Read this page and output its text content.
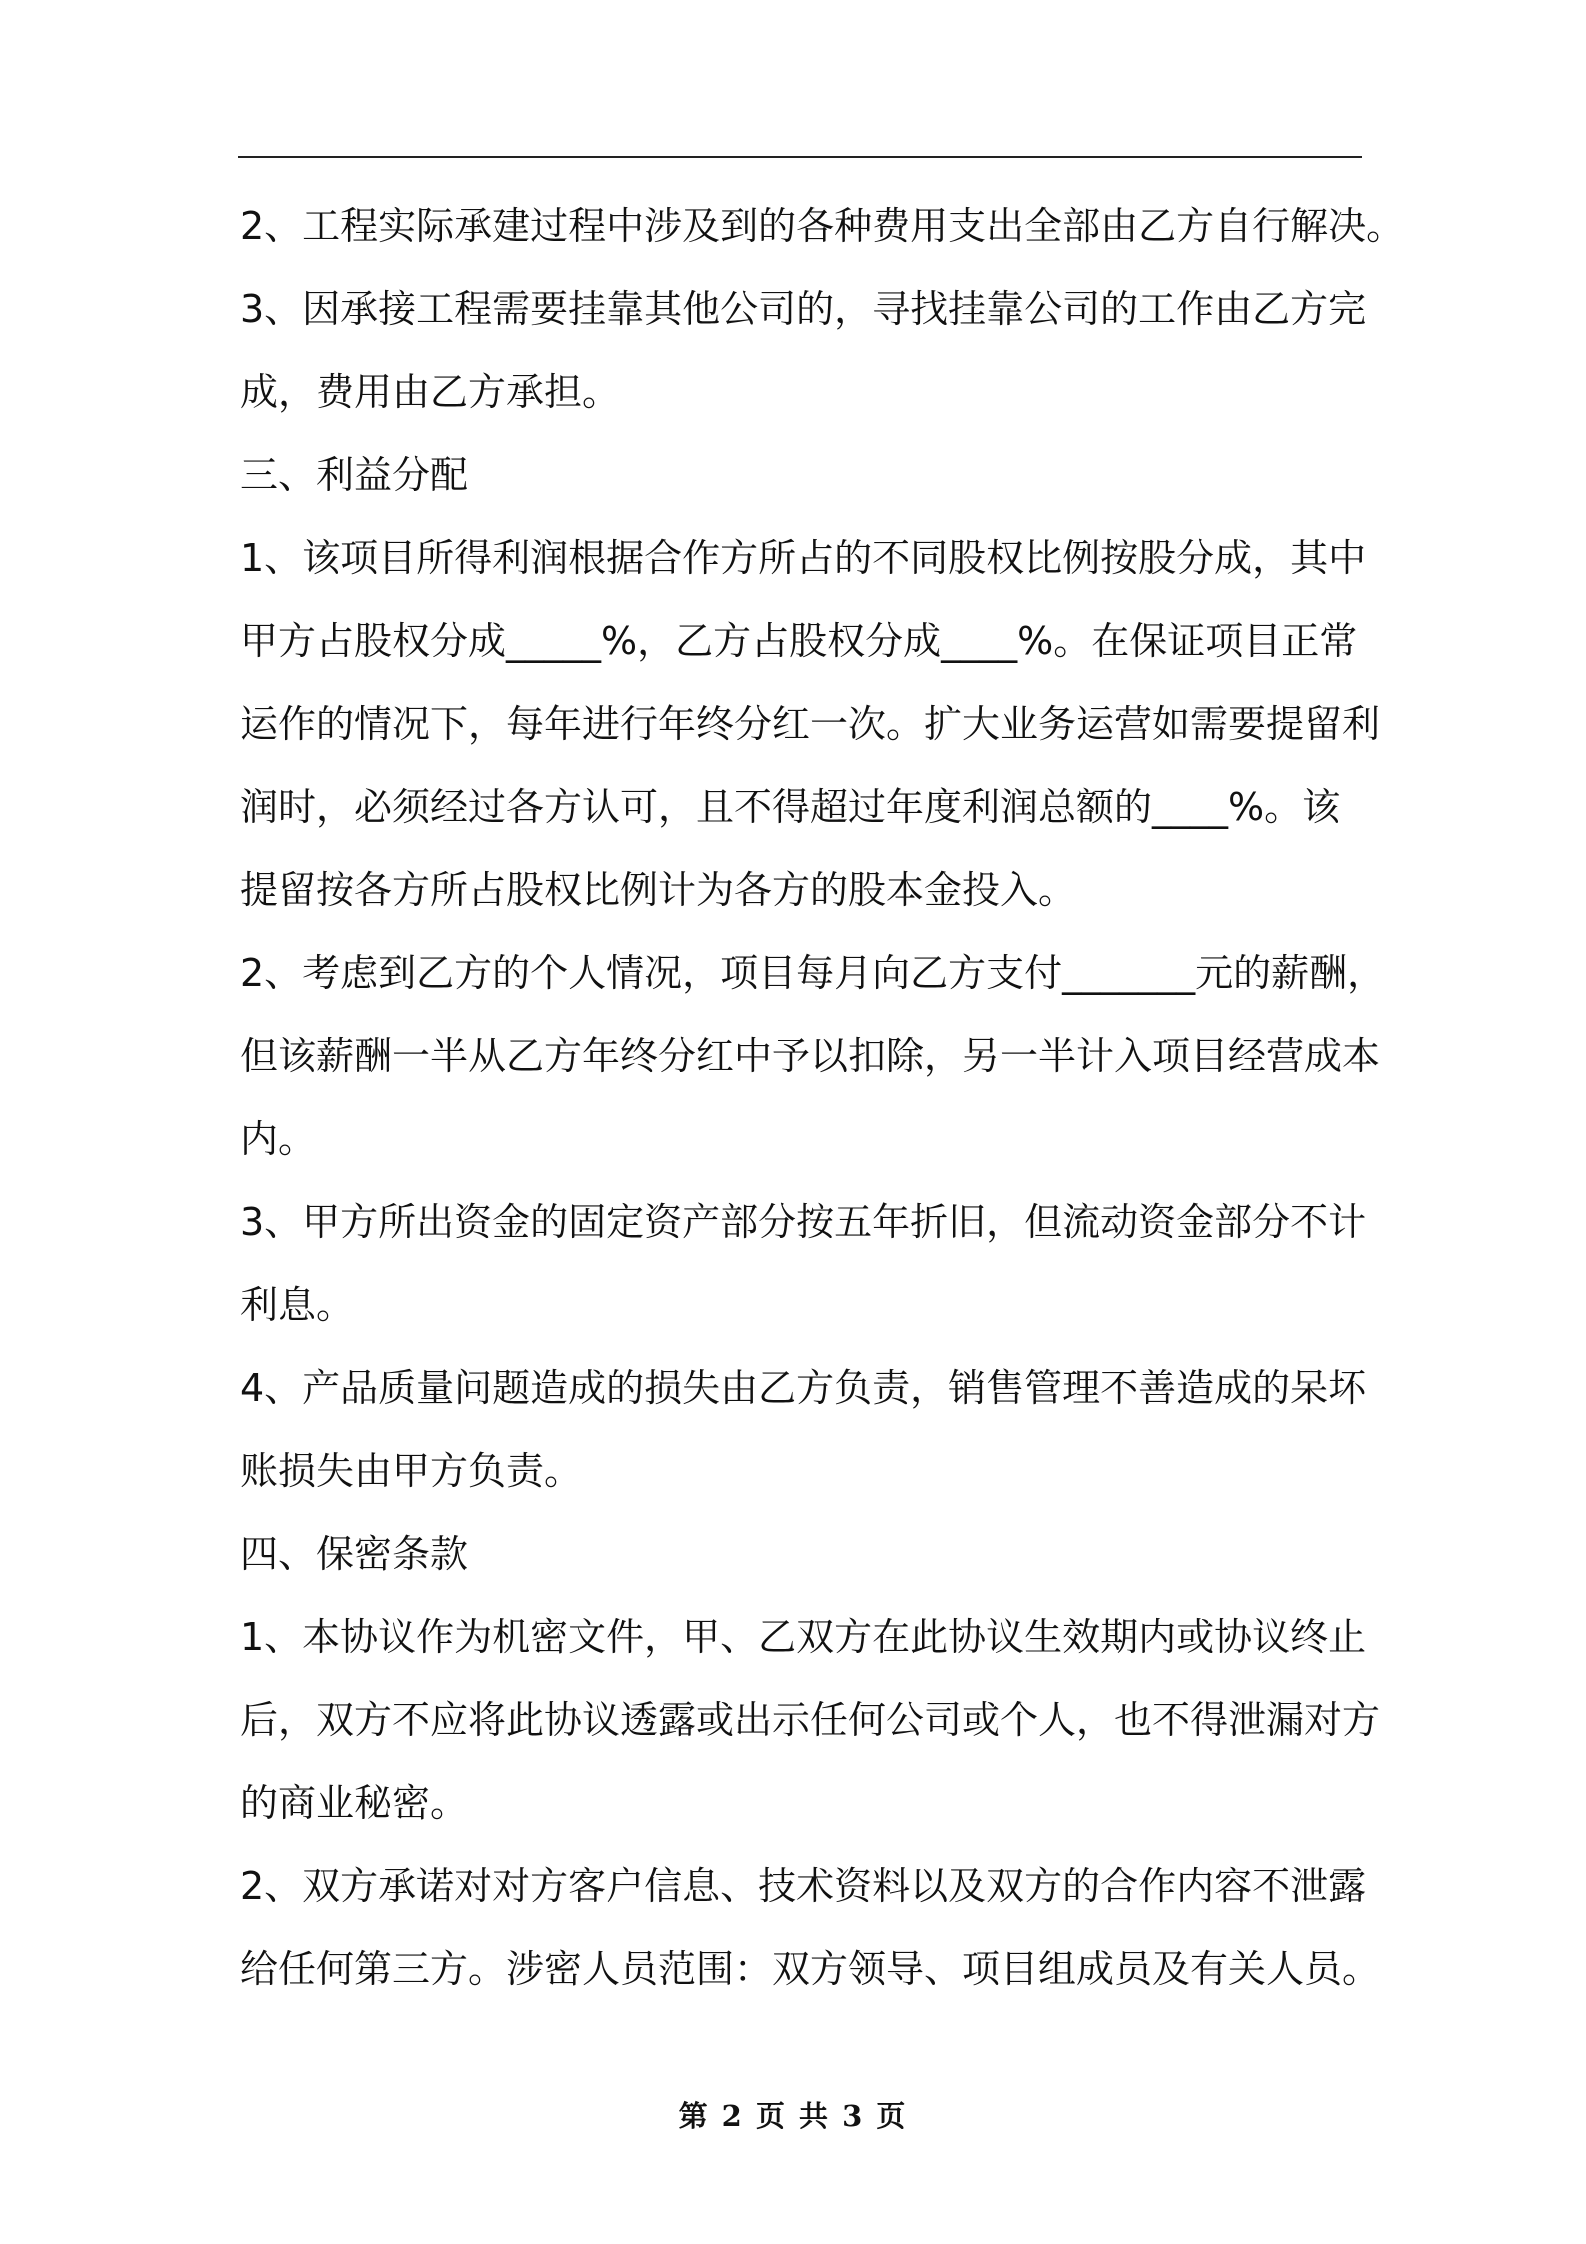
2、工程实际承建过程中涉及到的各种费用支出全部由乙方自行解决。
3、因承接工程需要挂靠其他公司的，寻找挂靠公司的工作由乙方完
成，费用由乙方承担。
三、利益分配
1、该项目所得利润根据合作方所占的不同股权比例按股分成，其中
甲方占股权分成_____%，乙方占股权分成____%。在保证项目正常
运作的情况下，每年进行年终分红一次。扩大业务运营如需要提留利
润时，必须经过各方认可，且不得超过年度利润总额的____%。该
提留按各方所占股权比例计为各方的股本金投入。
2、考虑到乙方的个人情况，项目每月向乙方支付_______元的薪酬，
但该薪酬一半从乙方年终分红中予以扣除，另一半计入项目经营成本
内。
3、甲方所出资金的固定资产部分按五年折旧，但流动资金部分不计
利息。
4、产品质量问题造成的损失由乙方负责，销售管理不善造成的呆坏
账损失由甲方负责。
四、保密条款
1、本协议作为机密文件，甲、乙双方在此协议生效期内或协议终止
后，双方不应将此协议透露或出示任何公司或个人，也不得泄漏对方
的商业秘密。
2、双方承诺对对方客户信息、技术资料以及双方的合作内容不泄露
给任何第三方。涉密人员范围：双方领导、项目组成员及有关人员。
第 2 页 共 3 页
